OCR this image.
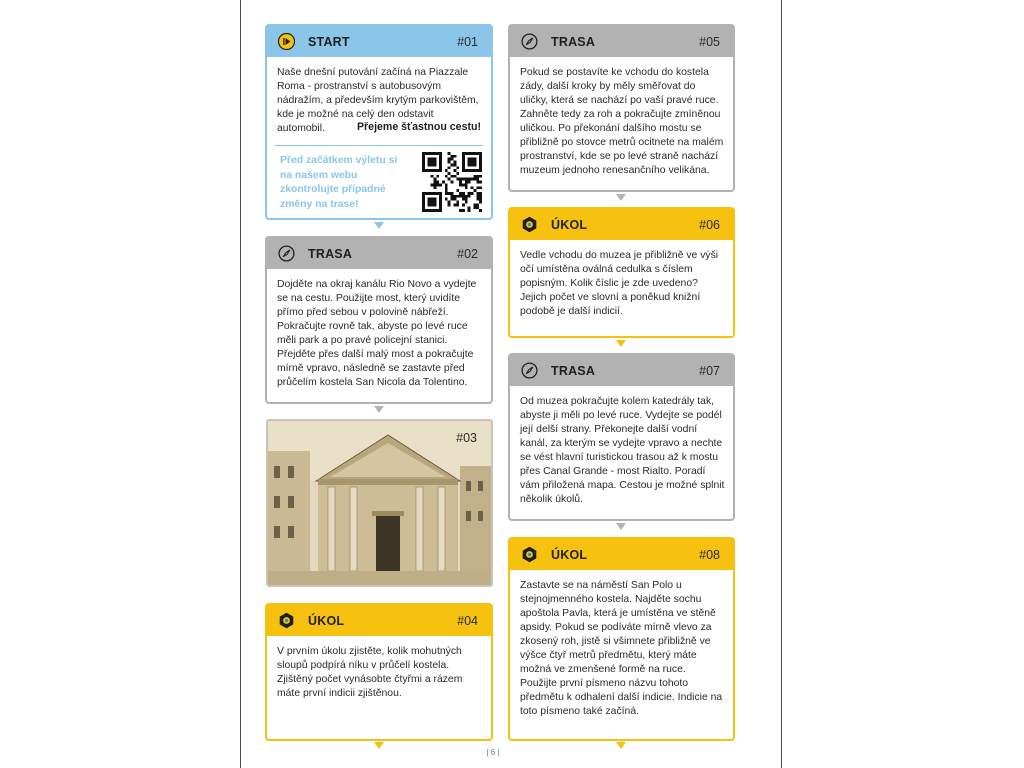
START	#01

Naše dnešní putování začíná na Piazzale Roma - prostranství s autobusovým nádražím, a především krytým parkovištěm, kde je možné na celý den odstavit automobil.	Přejeme šťastnou cestu!
Před začátkem výletu si na našem webu zkontrolujte případné změny na trase!
TRASA	#02

Dojděte na okraj kanálu Rio Novo a vydejte se na cestu. Použijte most, který uvidíte přímo před sebou v polovině nábřeží. Pokračujte rovně tak, abyste po levé ruce měli park a po pravé policejní stanici. Přejděte přes další malý most a pokračujte mírně vpravo, následně se zastavte před průčelím kostela San Nicola da Tolentino.

#03
ÚKOL	#04

V prvním úkolu zjistěte, kolik mohutných sloupů podpírá níku v průčelí kostela. Zjištěný počet vynásobte čtyřmi a rázem máte první indicii zjištěnou.

TRASA	#05

Pokud se postavíte ke vchodu do kostela zády, další kroky by měly směřovat do uličky, která se nachází po vaší pravé ruce. Zahněte tedy za roh a pokračujte zmíněnou uličkou. Po překonání dalšího mostu se přibližně po stovce metrů ocitnete na malém prostranství, kde se po levé straně nachází muzeum jednoho renesančního velikána.

ÚKOL	#06

Vedle vchodu do muzea je přibližně ve výši očí umístěna oválná cedulka s číslem popisným. Kolik číslic je zde uvedeno? Jejich počet ve slovní a poněkud knižní podobě je další indicií.

TRASA	#07

Od muzea pokračujte kolem katedrály tak, abyste ji měli po levé ruce. Vydejte se podél její delší strany. Překonejte další vodní kanál, za kterým se vydejte vpravo a nechte se vést hlavní turistickou trasou až k mostu přes Canal Grande - most Rialto. Poradí vám přiložená mapa. Cestou je možné splnit několik úkolů.

ÚKOL	#08

Zastavte se na náměstí San Polo u stejnojmenného kostela. Najděte sochu apoštola Pavla, která je umístěna ve stěně apsidy. Pokud se podíváte mírně vlevo za zkosený roh, jistě si všimnete přibližně ve výšce čtyř metrů předmětu, který máte možná ve zmenšené formě na ruce. Použijte první písmeno názvu tohoto předmětu k odhalení další indicie. Indicie na toto písmeno také začíná.

| 6 |
